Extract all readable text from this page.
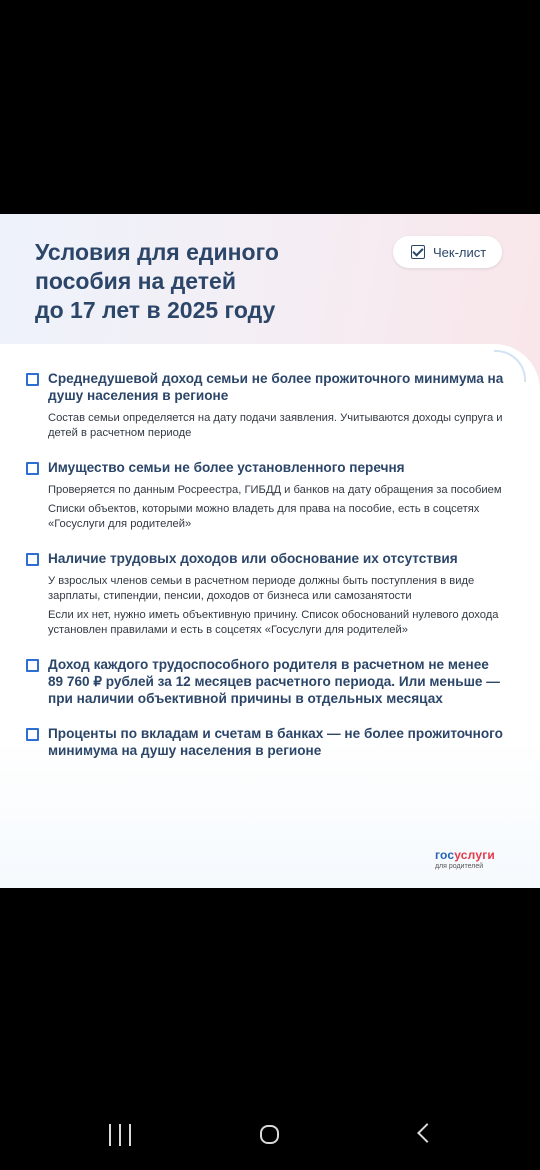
Условия для единого
пособия на детей
до 17 лет в 2025 году
Чек-лист
Среднедушевой доход семьи не более прожиточного минимума на душу населения в регионе
Состав семьи определяется на дату подачи заявления. Учитываются доходы супруга и детей в расчетном периоде
Имущество семьи не более установленного перечня
Проверяется по данным Росреестра, ГИБДД и банков на дату обращения за пособием
Списки объектов, которыми можно владеть для права на пособие, есть в соцсетях «Госуслуги для родителей»
Наличие трудовых доходов или обоснование их отсутствия
У взрослых членов семьи в расчетном периоде должны быть поступления в виде зарплаты, стипендии, пенсии, доходов от бизнеса или самозанятости
Если их нет, нужно иметь объективную причину. Список обоснований нулевого дохода установлен правилами и есть в соцсетях «Госуслуги для родителей»
Доход каждого трудоспособного родителя в расчетном не менее 89 760 ₽ рублей за 12 месяцев расчетного периода. Или меньше — при наличии объективной причины в отдельных месяцах
Проценты по вкладам и счетам в банках — не более прожиточного минимума на душу населения в регионе
госуслуги
для родителей
